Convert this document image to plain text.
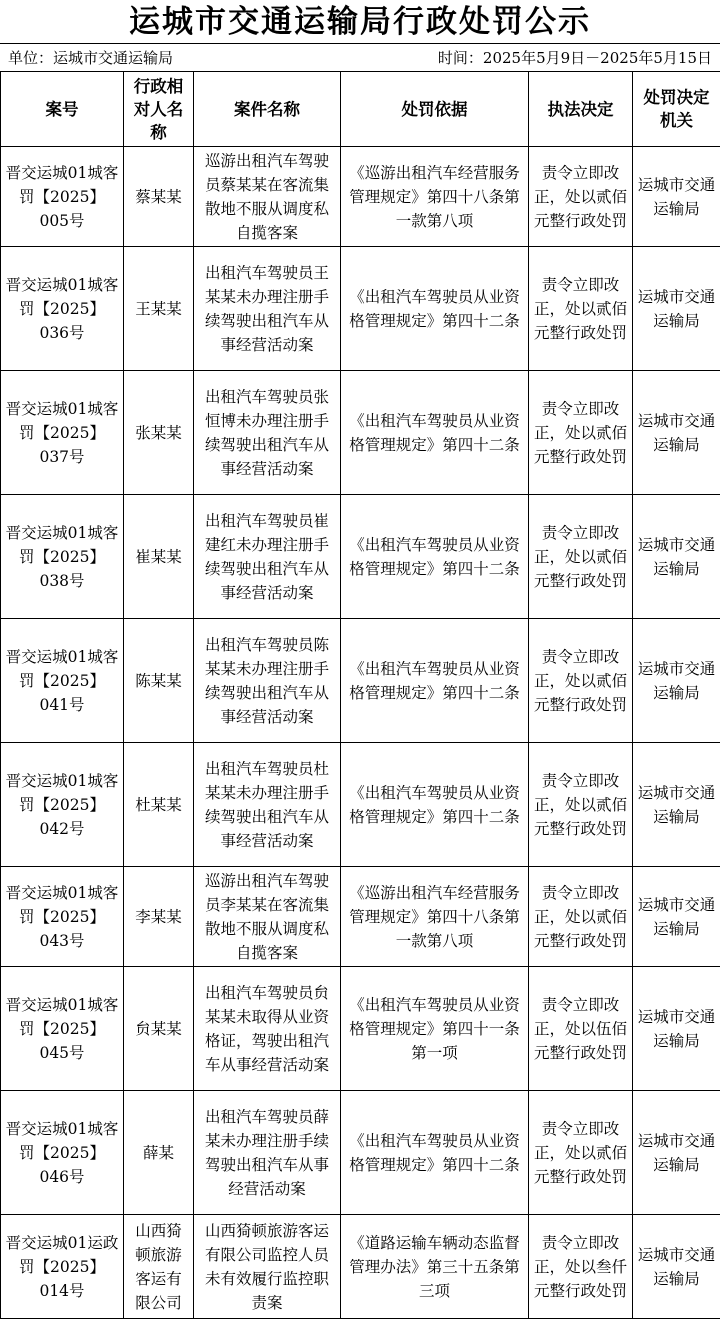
运城市交通运输局行政处罚公示
单位：运城市交通运输局	时间：2025年5月9日－2025年5月15日
案号	行政相对人名称	案件名称	处罚依据	执法决定	处罚决定机关
晋交运城01城客罚【2025】005号	蔡某某	巡游出租汽车驾驶员蔡某某在客流集散地不服从调度私自揽客案	《巡游出租汽车经营服务管理规定》第四十八条第一款第八项	责令立即改正，处以贰佰元整行政处罚	运城市交通运输局
晋交运城01城客罚【2025】036号	王某某	出租汽车驾驶员王某某未办理注册手续驾驶出租汽车从事经营活动案	《出租汽车驾驶员从业资格管理规定》第四十二条	责令立即改正，处以贰佰元整行政处罚	运城市交通运输局
晋交运城01城客罚【2025】037号	张某某	出租汽车驾驶员张恒博未办理注册手续驾驶出租汽车从事经营活动案	《出租汽车驾驶员从业资格管理规定》第四十二条	责令立即改正，处以贰佰元整行政处罚	运城市交通运输局
晋交运城01城客罚【2025】038号	崔某某	出租汽车驾驶员崔建红未办理注册手续驾驶出租汽车从事经营活动案	《出租汽车驾驶员从业资格管理规定》第四十二条	责令立即改正，处以贰佰元整行政处罚	运城市交通运输局
晋交运城01城客罚【2025】041号	陈某某	出租汽车驾驶员陈某某未办理注册手续驾驶出租汽车从事经营活动案	《出租汽车驾驶员从业资格管理规定》第四十二条	责令立即改正，处以贰佰元整行政处罚	运城市交通运输局
晋交运城01城客罚【2025】042号	杜某某	出租汽车驾驶员杜某某未办理注册手续驾驶出租汽车从事经营活动案	《出租汽车驾驶员从业资格管理规定》第四十二条	责令立即改正，处以贰佰元整行政处罚	运城市交通运输局
晋交运城01城客罚【2025】043号	李某某	巡游出租汽车驾驶员李某某在客流集散地不服从调度私自揽客案	《巡游出租汽车经营服务管理规定》第四十八条第一款第八项	责令立即改正，处以贰佰元整行政处罚	运城市交通运输局
晋交运城01城客罚【2025】045号	贠某某	出租汽车驾驶员贠某某未取得从业资格证，驾驶出租汽车从事经营活动案	《出租汽车驾驶员从业资格管理规定》第四十一条第一项	责令立即改正，处以伍佰元整行政处罚	运城市交通运输局
晋交运城01城客罚【2025】046号	薛某	出租汽车驾驶员薛某未办理注册手续驾驶出租汽车从事经营活动案	《出租汽车驾驶员从业资格管理规定》第四十二条	责令立即改正，处以贰佰元整行政处罚	运城市交通运输局
晋交运城01运政罚【2025】014号	山西猗顿旅游客运有限公司	山西猗顿旅游客运有限公司监控人员未有效履行监控职责案	《道路运输车辆动态监督管理办法》第三十五条第三项	责令立即改正，处以叁仟元整行政处罚	运城市交通运输局
